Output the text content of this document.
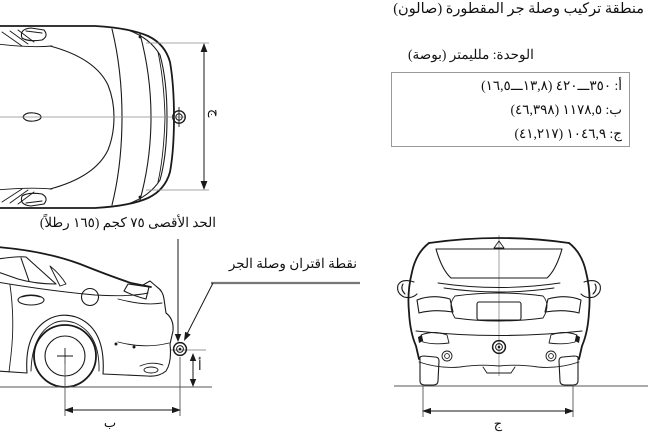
ج
أ
ب	ج
منطقة تركيب وصلة جر المقطورة (صالون)
الوحدة: ملليمتر (بوصة)
أ: ٣٥٠ـــ٤٢٠ (١٣,٨ـــ١٦,٥)
ب: ١١٧٨,٥ (٤٦,٣٩٨)
ج: ١٠٤٦,٩ (٤١,٢١٧)
الحد الأقصى ٧٥ كجم (١٦٥ رطلاً)
نقطة اقتران وصلة الجر
